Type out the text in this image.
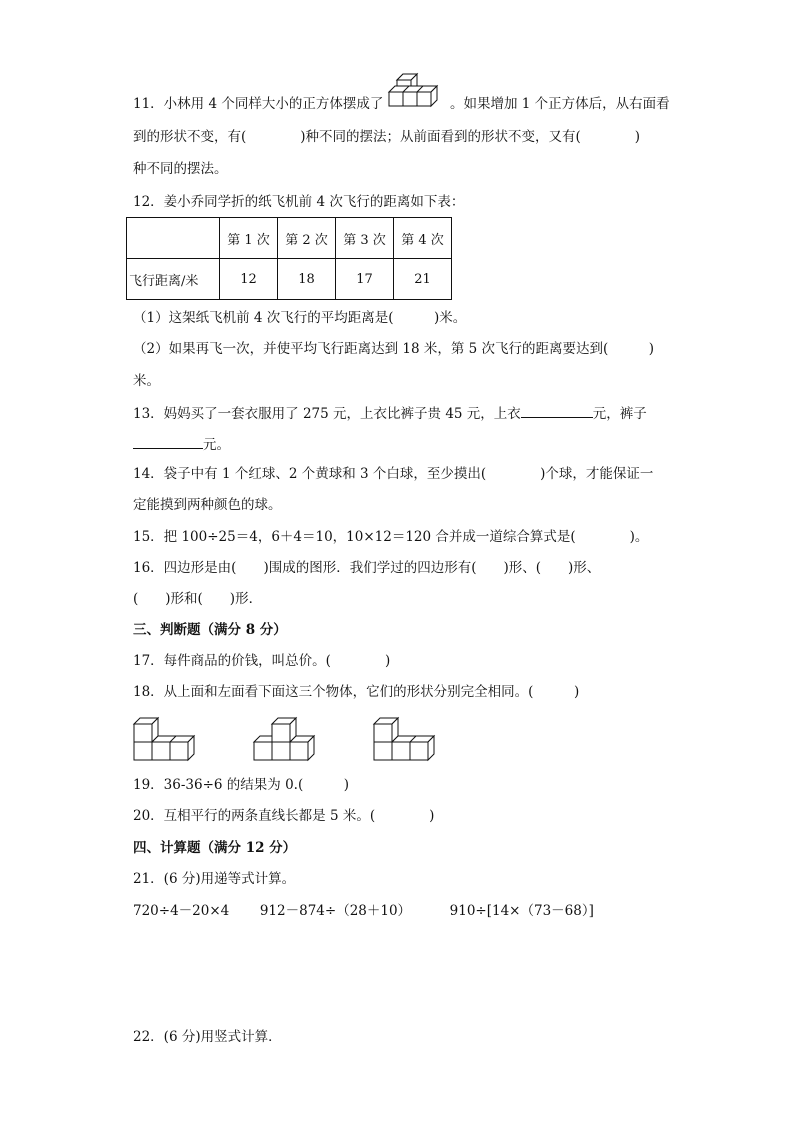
11．小林用 4 个同样大小的正方体摆成了	。如果增加 1 个正方体后，从右面看
到的形状不变，有(　　　　)种不同的摆法；从前面看到的形状不变，又有(　　　　)
种不同的摆法。
12．姜小乔同学折的纸飞机前 4 次飞行的距离如下表：
	第 1 次	第 2 次	第 3 次	第 4 次
飞行距离/米	12	18	17	21
（1）这架纸飞机前 4 次飞行的平均距离是(　　　)米。
（2）如果再飞一次，并使平均飞行距离达到 18 米，第 5 次飞行的距离要达到(　　　)
米。
13．妈妈买了一套衣服用了 275 元，上衣比裤子贵 45 元，上衣	元，裤子
元。
14．袋子中有 1 个红球、2 个黄球和 3 个白球，至少摸出(　　　　)个球，才能保证一
定能摸到两种颜色的球。
15．把 100÷25＝4，6＋4＝10，10×12＝120 合并成一道综合算式是(　　　　)。
16．四边形是由(　　)围成的图形．我们学过的四边形有(　　)形、(　　)形、
(　　)形和(　　)形．
三、判断题（满分 8 分）
17．每件商品的价钱，叫总价。(　　　　)
18．从上面和左面看下面这三个物体，它们的形状分别完全相同。(　　　)
19．36-36÷6 的结果为 0.(　　　)
20．互相平行的两条直线长都是 5 米。(　　　　)
四、计算题（满分 12 分）
21．(6 分)用递等式计算。
720÷4－20×4 912－874÷（28＋10）	910÷[14×（73－68）]
22．(6 分)用竖式计算．
